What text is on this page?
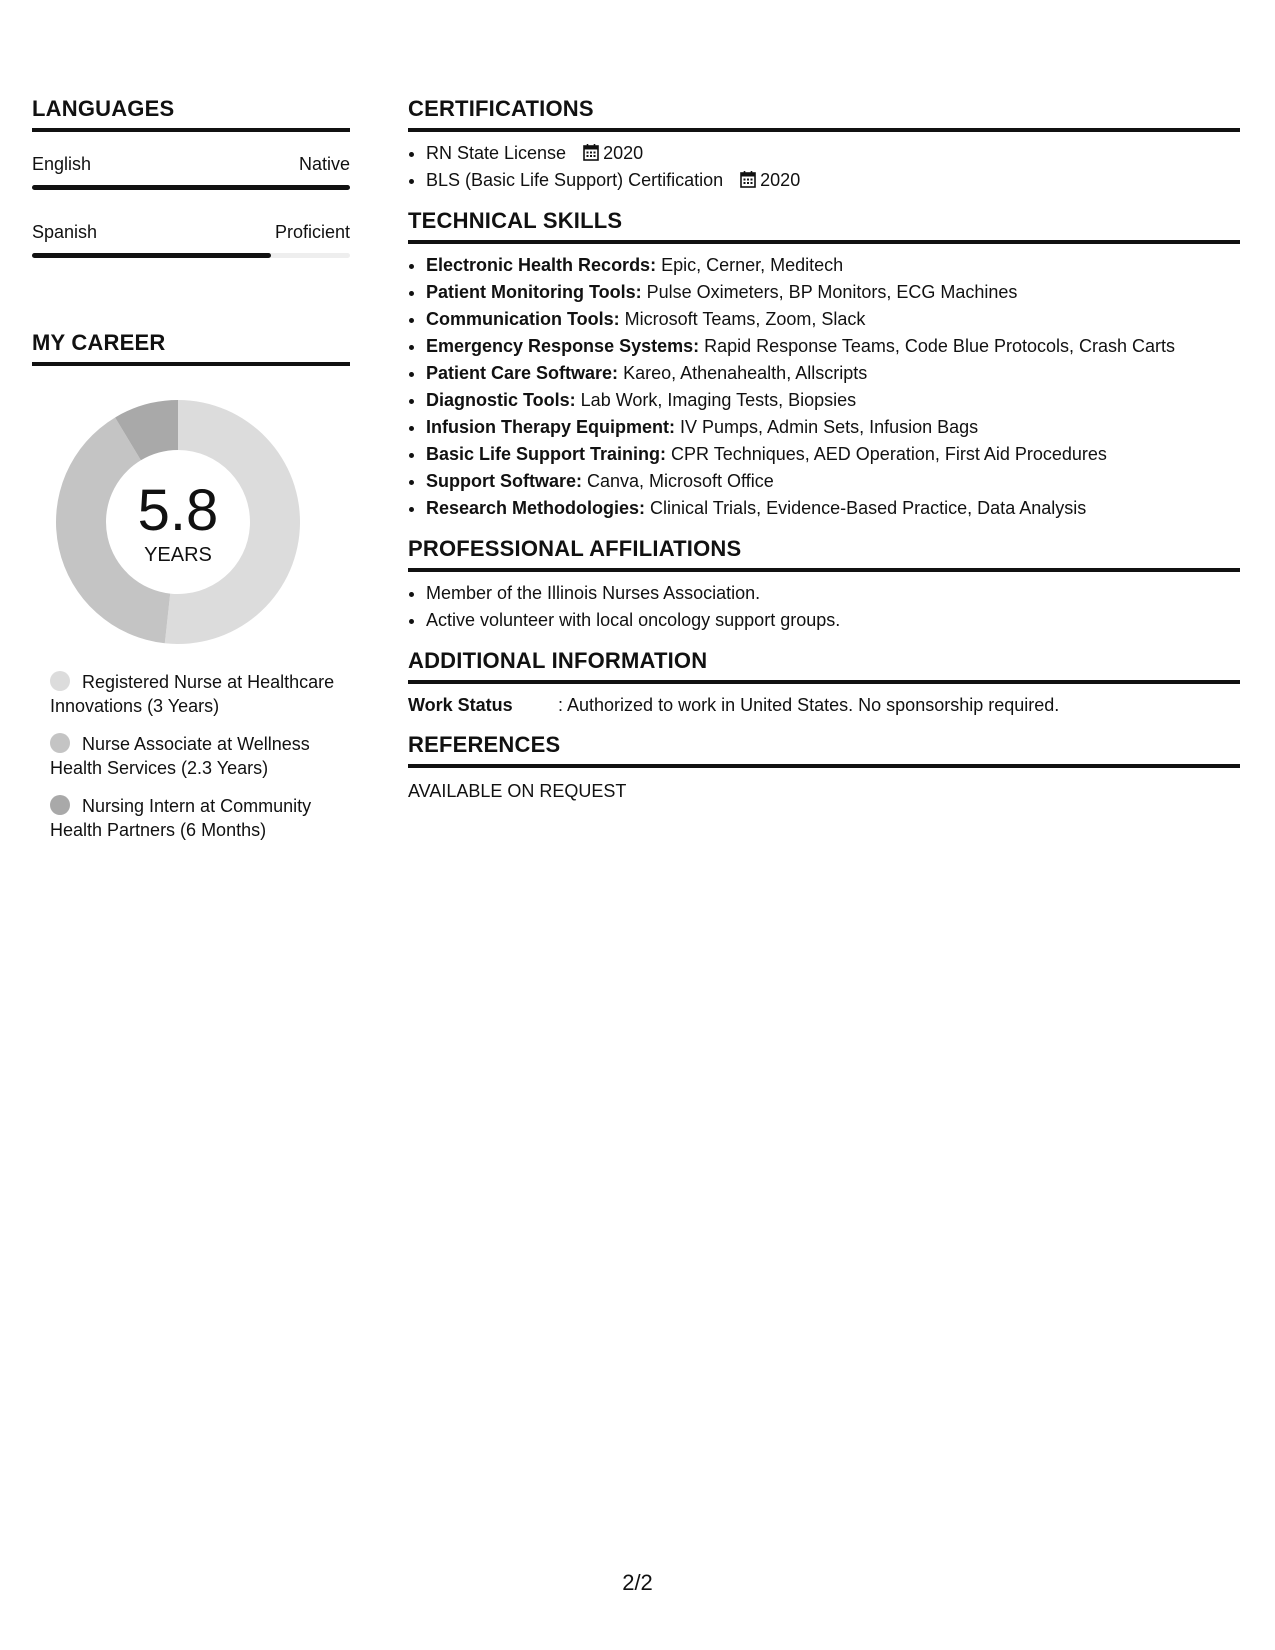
LANGUAGES
English	Native
Spanish	Proficient
MY CAREER
5.8
YEARS
Registered Nurse at Healthcare Innovations (3 Years)
Nurse Associate at Wellness Health Services (2.3 Years)
Nursing Intern at Community Health Partners (6 Months)
CERTIFICATIONS
• RN State License 2020
• BLS (Basic Life Support) Certification 2020
TECHNICAL SKILLS
• Electronic Health Records: Epic, Cerner, Meditech
• Patient Monitoring Tools: Pulse Oximeters, BP Monitors, ECG Machines
• Communication Tools: Microsoft Teams, Zoom, Slack
• Emergency Response Systems: Rapid Response Teams, Code Blue Protocols, Crash Carts
• Patient Care Software: Kareo, Athenahealth, Allscripts
• Diagnostic Tools: Lab Work, Imaging Tests, Biopsies
• Infusion Therapy Equipment: IV Pumps, Admin Sets, Infusion Bags
• Basic Life Support Training: CPR Techniques, AED Operation, First Aid Procedures
• Support Software: Canva, Microsoft Office
• Research Methodologies: Clinical Trials, Evidence-Based Practice, Data Analysis
PROFESSIONAL AFFILIATIONS
• Member of the Illinois Nurses Association.
• Active volunteer with local oncology support groups.
ADDITIONAL INFORMATION
Work Status	: Authorized to work in United States. No sponsorship required.
REFERENCES
AVAILABLE ON REQUEST
2/2
